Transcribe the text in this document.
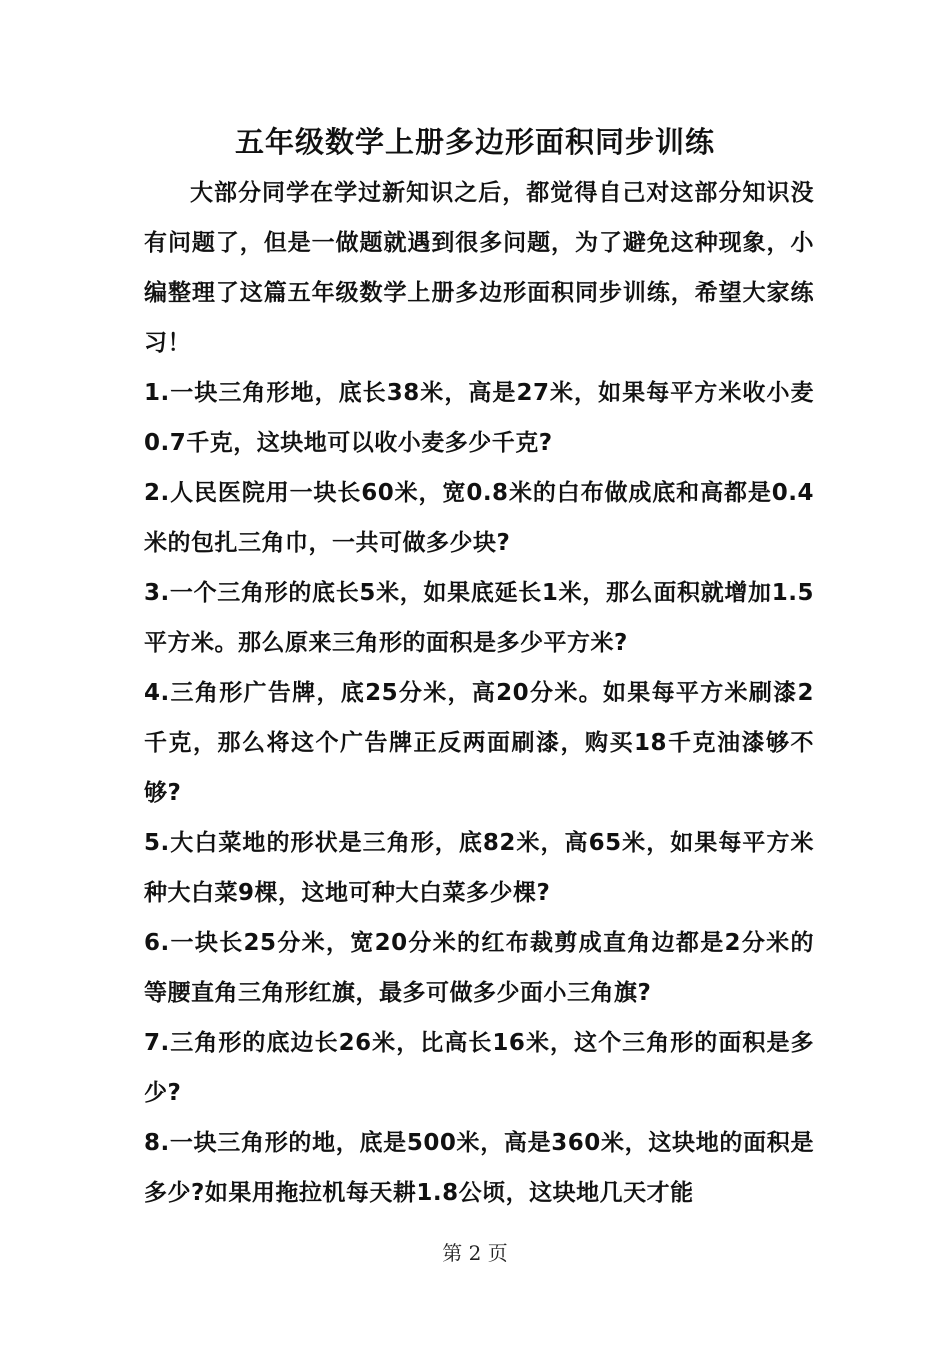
五年级数学上册多边形面积同步训练

大部分同学在学过新知识之后，都觉得自己对这部分知识没有问题了，但是一做题就遇到很多问题，为了避免这种现象，小编整理了这篇五年级数学上册多边形面积同步训练，希望大家练习！

1.一块三角形地，底长38米，高是27米，如果每平方米收小麦0.7千克，这块地可以收小麦多少千克?

2.人民医院用一块长60米，宽0.8米的白布做成底和高都是0.4米的包扎三角巾，一共可做多少块?

3.一个三角形的底长5米，如果底延长1米，那么面积就增加1.5平方米。那么原来三角形的面积是多少平方米?

4.三角形广告牌，底25分米，高20分米。如果每平方米刷漆2千克，那么将这个广告牌正反两面刷漆，购买18千克油漆够不够?

5.大白菜地的形状是三角形，底82米，高65米，如果每平方米种大白菜9棵，这地可种大白菜多少棵?

6.一块长25分米，宽20分米的红布裁剪成直角边都是2分米的等腰直角三角形红旗，最多可做多少面小三角旗?

7.三角形的底边长26米，比高长16米，这个三角形的面积是多少?

8.一块三角形的地，底是500米，高是360米，这块地的面积是多少?如果用拖拉机每天耕1.8公顷，这块地几天才能

第 2 页
